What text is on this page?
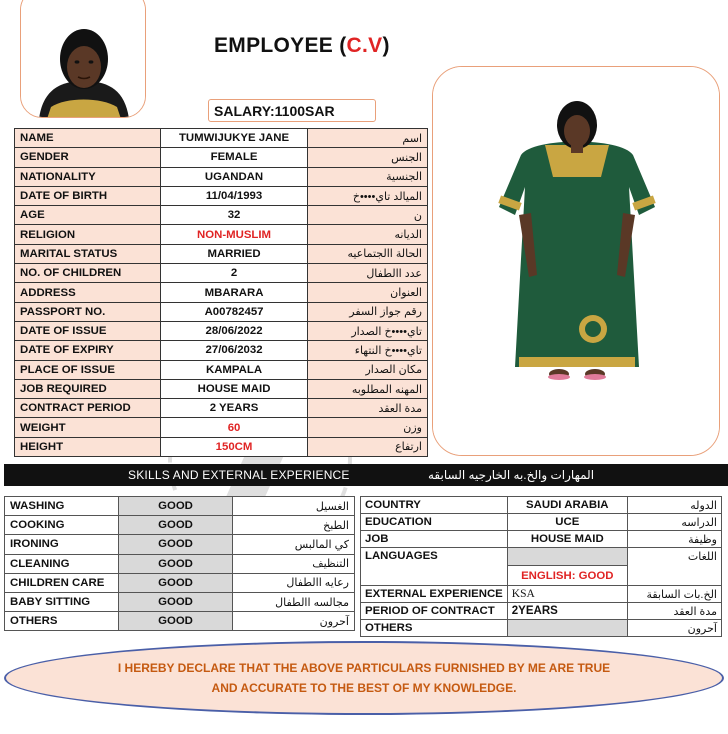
EMPLOYEE (C.V)
SALARY:1100SAR
NAME	TUMWIJUKYE JANE	اسم
GENDER	FEMALE	الجنس
NATIONALITY	UGANDAN	الجنسية
DATE OF BIRTH	11/04/1993	الميالد تاي••••خ
AGE	32	ن
RELIGION	NON-MUSLIM	الديانه
MARITAL STATUS	MARRIED	الحالة االجتماعيه
NO. OF CHILDREN	2	عدد االطفال
ADDRESS	MBARARA	العنوان
PASSPORT NO.	A00782457	رقم جواز السفر
DATE OF ISSUE	28/06/2022	تاي••••خ الصدار
DATE OF EXPIRY	27/06/2032	تاي••••خ النتهاء
PLACE OF ISSUE	KAMPALA	مكان الصدار
JOB REQUIRED	HOUSE MAID	المهنه المطلوبه
CONTRACT PERIOD	2 YEARS	مدة العقد
WEIGHT	60	وزن
HEIGHT	150CM	ارتفاع
SKILLS AND EXTERNAL EXPERIENCE	المهارات والخ.به الخارجيه السابقه
WASHING	GOOD	الغسيل
COOKING	GOOD	الطبخ
IRONING	GOOD	كي المالبس
CLEANING	GOOD	التنظيف
CHILDREN CARE	GOOD	رعايه االطفال
BABY SITTING	GOOD	مجالسه االطفال
OTHERS	GOOD	آحرون
COUNTRY	SAUDI ARABIA	الدوله
EDUCATION	UCE	الدراسه
JOB	HOUSE MAID	وظيفة
LANGUAGES	ENGLISH: GOOD	اللغات
EXTERNAL EXPERIENCE	KSA	الخ.بات السابقة
PERIOD OF CONTRACT	2YEARS	مدة العقد
OTHERS		آحرون
I HEREBY DECLARE THAT THE ABOVE PARTICULARS FURNISHED BY ME ARE TRUE AND ACCURATE TO THE BEST OF MY KNOWLEDGE.
